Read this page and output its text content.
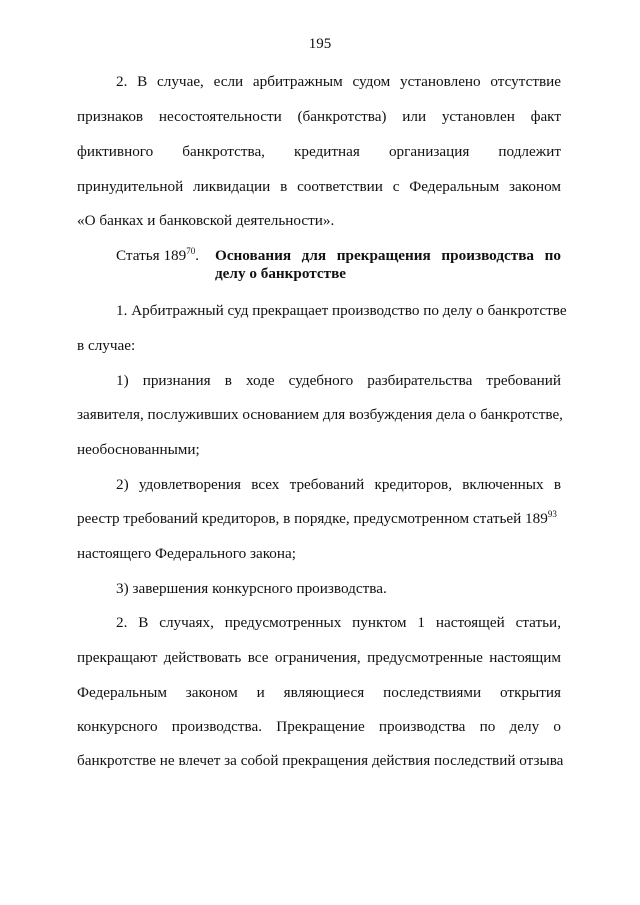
195
2. В случае, если арбитражным судом установлено отсутствие
признаков несостоятельности (банкротства) или установлен факт
фиктивного банкротства, кредитная организация подлежит
принудительной ликвидации в соответствии с Федеральным законом
«О банках и банковской деятельности».
Статья $189^{70}$. Основания для прекращения производства по
делу о банкротстве
1. Арбитражный суд прекращает производство по делу о банкротстве
в случае:
1) признания в ходе судебного разбирательства требований
заявителя, послуживших основанием для возбуждения дела о банкротстве,
необоснованными;
2) удовлетворения всех требований кредиторов, включенных в
реестр требований кредиторов, в порядке, предусмотренном статьей $189^{93}$
настоящего Федерального закона;
3) завершения конкурсного производства.
2. В случаях, предусмотренных пунктом 1 настоящей статьи,
прекращают действовать все ограничения, предусмотренные настоящим
Федеральным законом и являющиеся последствиями открытия
конкурсного производства. Прекращение производства по делу о
банкротстве не влечет за собой прекращения действия последствий отзыва
